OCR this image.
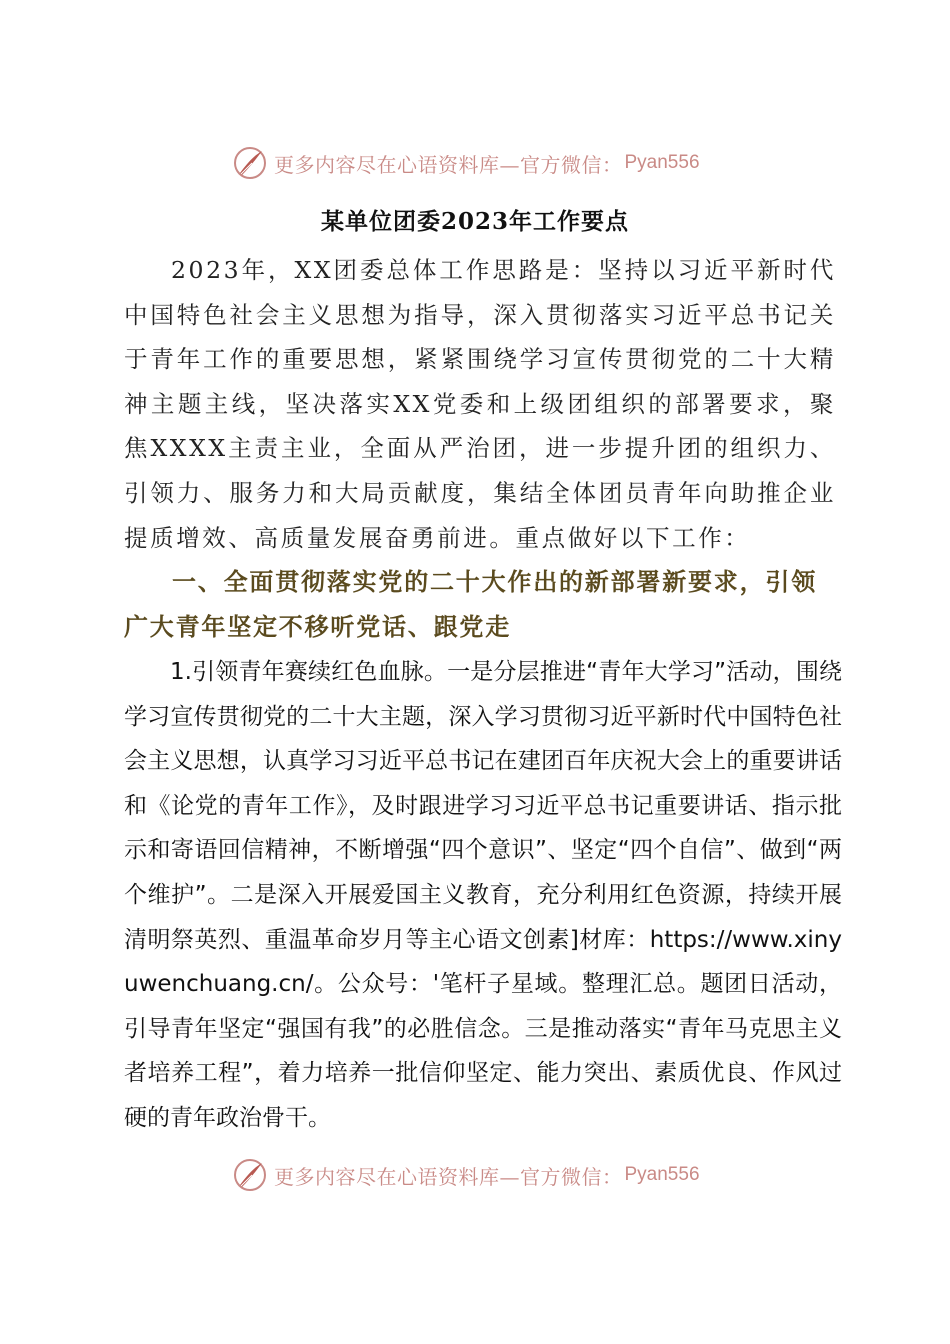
更多内容尽在心语资料库—官方微信： Pyan556
某单位团委2023年工作要点

2023年，XX团委总体工作思路是：坚持以习近平新时代中国特色社会主义思想为指导，深入贯彻落实习近平总书记关于青年工作的重要思想，紧紧围绕学习宣传贯彻党的二十大精神主题主线，坚决落实XX党委和上级团组织的部署要求，聚焦XXXX主责主业，全面从严治团，进一步提升团的组织力、引领力、服务力和大局贡献度，集结全体团员青年向助推企业提质增效、高质量发展奋勇前进。重点做好以下工作：

一、全面贯彻落实党的二十大作出的新部署新要求，引领广大青年坚定不移听党话、跟党走

1.引领青年赛续红色血脉。一是分层推进“青年大学习”活动，围绕学习宣传贯彻党的二十大主题，深入学习贯彻习近平新时代中国特色社会主义思想，认真学习习近平总书记在建团百年庆祝大会上的重要讲话和《论党的青年工作》，及时跟进学习习近平总书记重要讲话、指示批示和寄语回信精神，不断增强“四个意识”、坚定“四个自信”、做到“两个维护”。二是深入开展爱国主义教育，充分利用红色资源，持续开展清明祭英烈、重温革命岁月等主心语文创素]材库：https://www.xinyuwenchuang.cn/。公众号：'笔杆子星域。整理汇总。题团日活动，引导青年坚定“强国有我”的必胜信念。三是推动落实“青年马克思主义者培养工程”，着力培养一批信仰坚定、能力突出、素质优良、作风过硬的青年政治骨干。

更多内容尽在心语资料库—官方微信： Pyan556
